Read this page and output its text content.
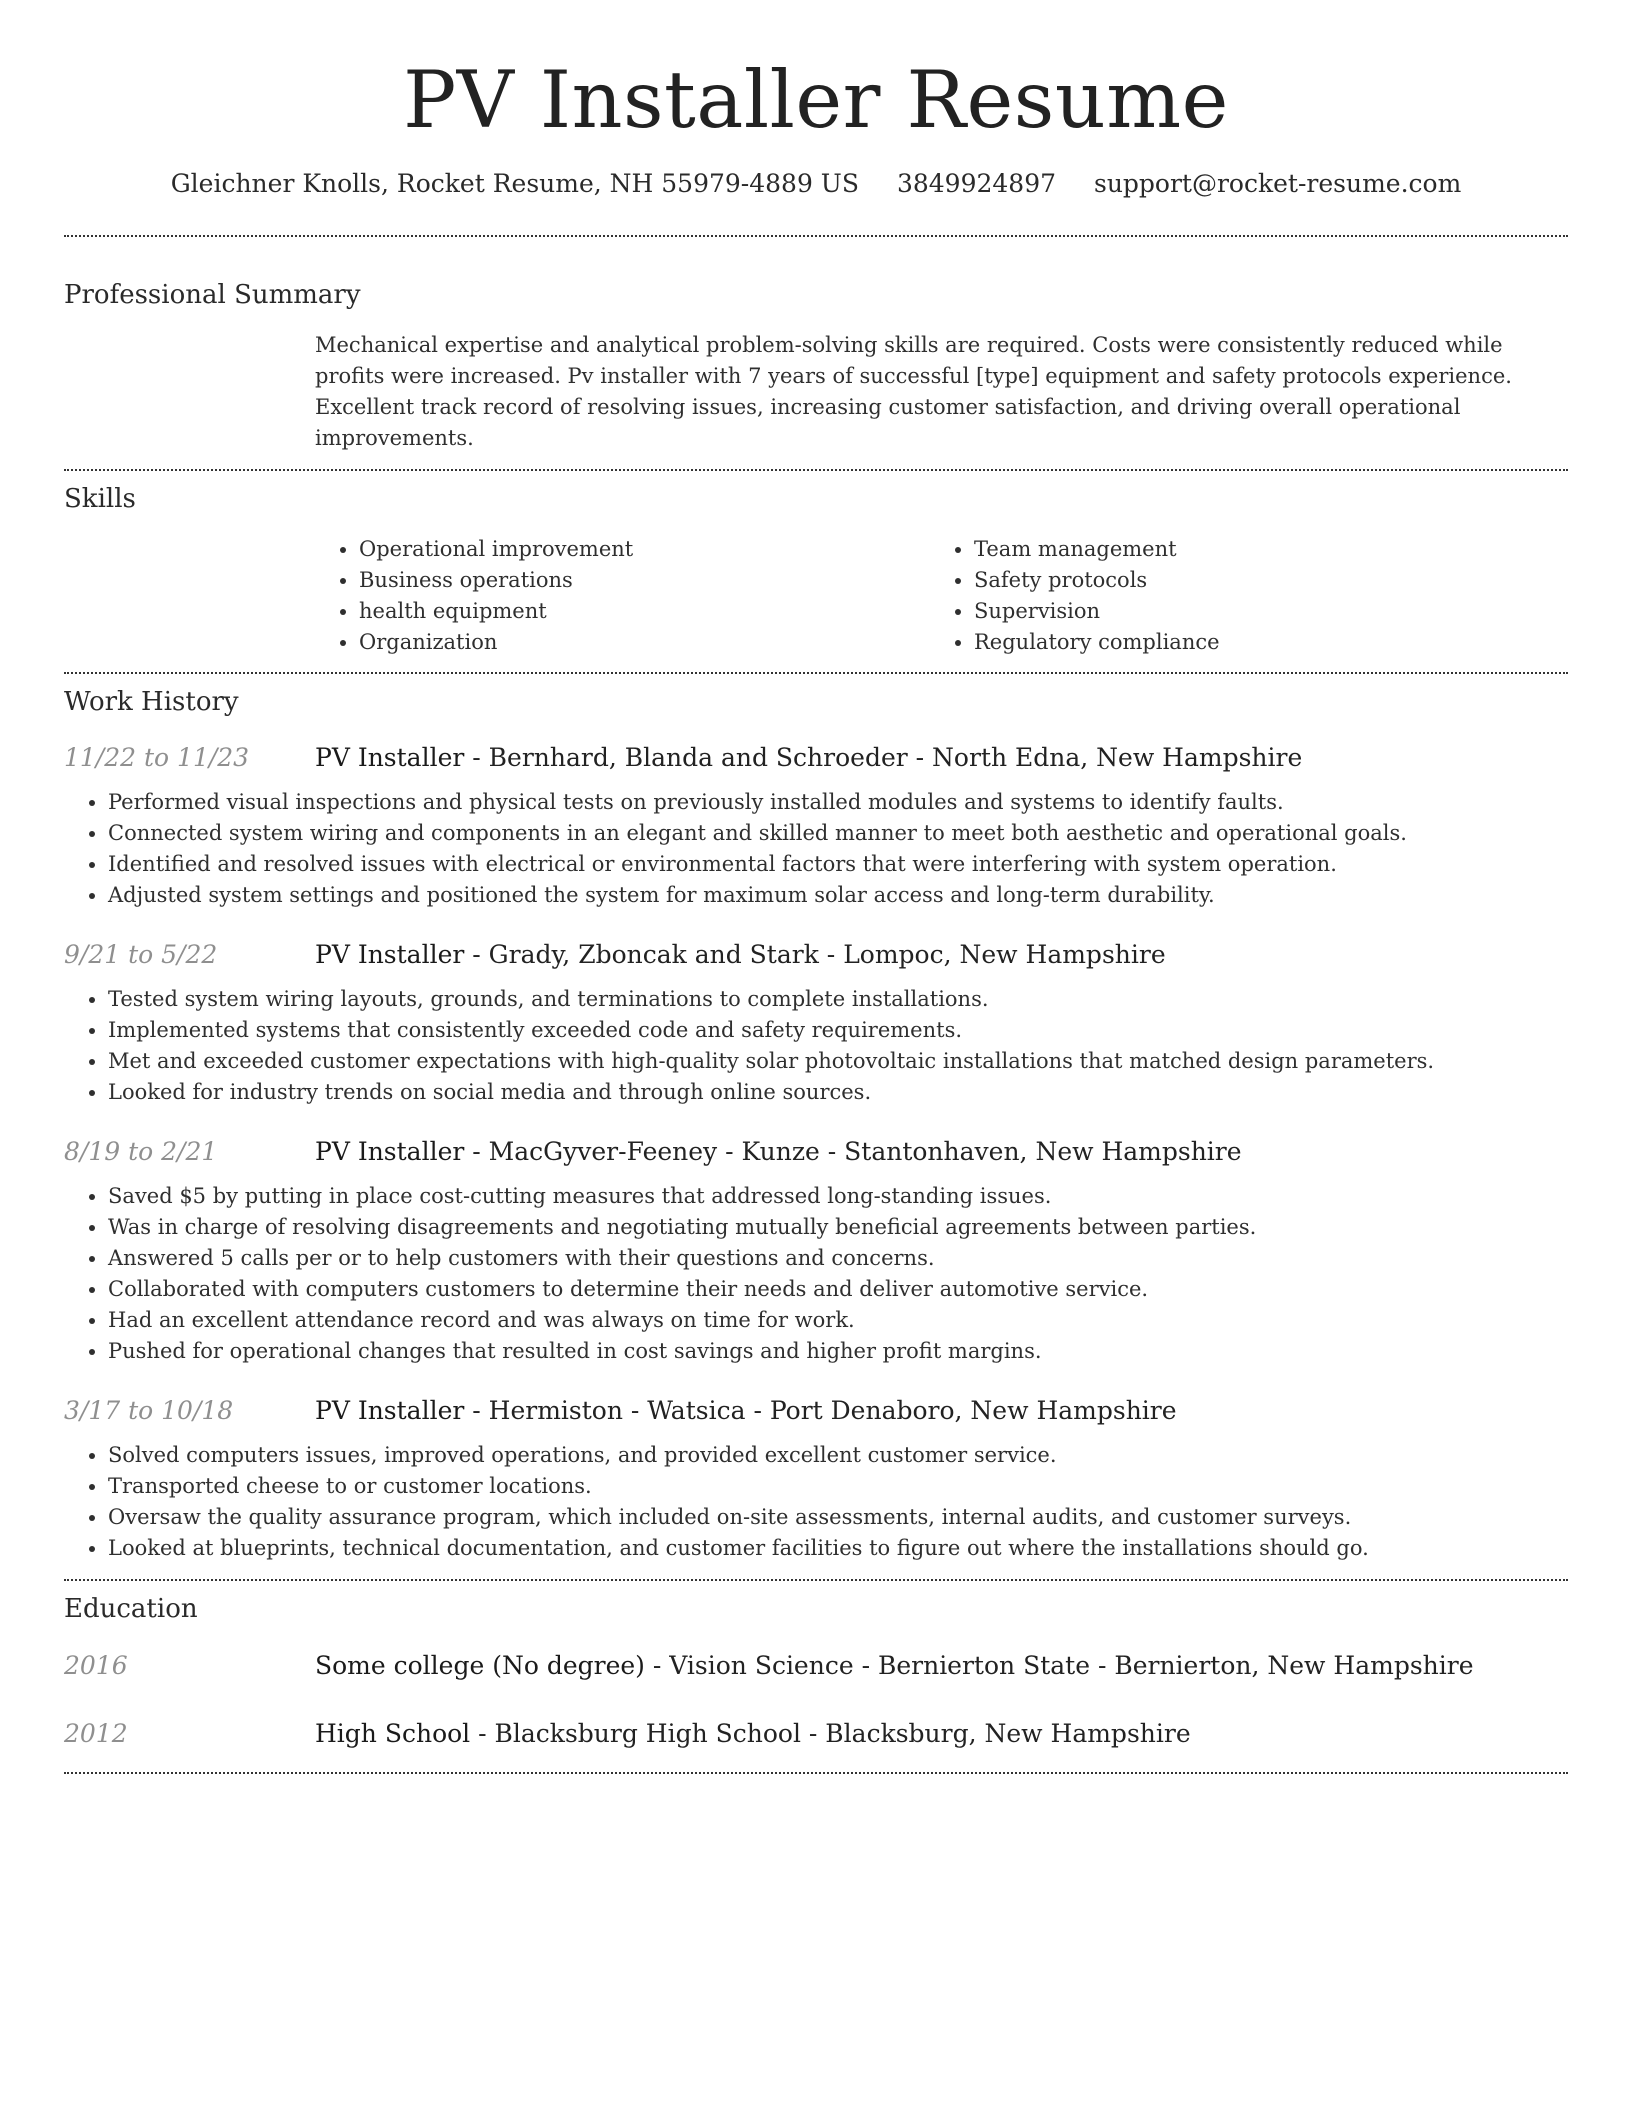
PV Installer Resume
Gleichner Knolls, Rocket Resume, NH 55979-4889 US 3849924897 support@rocket-resume.com
Professional Summary
Mechanical expertise and analytical problem-solving skills are required. Costs were consistently reduced while profits were increased. Pv installer with 7 years of successful [type] equipment and safety protocols experience. Excellent track record of resolving issues, increasing customer satisfaction, and driving overall operational improvements.
Skills
• Operational improvement
• Business operations
• health equipment
• Organization
• Team management
• Safety protocols
• Supervision
• Regulatory compliance
Work History
11/22 to 11/23	PV Installer - Bernhard, Blanda and Schroeder - North Edna, New Hampshire
• Performed visual inspections and physical tests on previously installed modules and systems to identify faults.
• Connected system wiring and components in an elegant and skilled manner to meet both aesthetic and operational goals.
• Identified and resolved issues with electrical or environmental factors that were interfering with system operation.
• Adjusted system settings and positioned the system for maximum solar access and long-term durability.
9/21 to 5/22	PV Installer - Grady, Zboncak and Stark - Lompoc, New Hampshire
• Tested system wiring layouts, grounds, and terminations to complete installations.
• Implemented systems that consistently exceeded code and safety requirements.
• Met and exceeded customer expectations with high-quality solar photovoltaic installations that matched design parameters.
• Looked for industry trends on social media and through online sources.
8/19 to 2/21	PV Installer - MacGyver-Feeney - Kunze - Stantonhaven, New Hampshire
• Saved $5 by putting in place cost-cutting measures that addressed long-standing issues.
• Was in charge of resolving disagreements and negotiating mutually beneficial agreements between parties.
• Answered 5 calls per or to help customers with their questions and concerns.
• Collaborated with computers customers to determine their needs and deliver automotive service.
• Had an excellent attendance record and was always on time for work.
• Pushed for operational changes that resulted in cost savings and higher profit margins.
3/17 to 10/18	PV Installer - Hermiston - Watsica - Port Denaboro, New Hampshire
• Solved computers issues, improved operations, and provided excellent customer service.
• Transported cheese to or customer locations.
• Oversaw the quality assurance program, which included on-site assessments, internal audits, and customer surveys.
• Looked at blueprints, technical documentation, and customer facilities to figure out where the installations should go.
Education
2016	Some college (No degree) - Vision Science - Bernierton State - Bernierton, New Hampshire
2012	High School - Blacksburg High School - Blacksburg, New Hampshire
